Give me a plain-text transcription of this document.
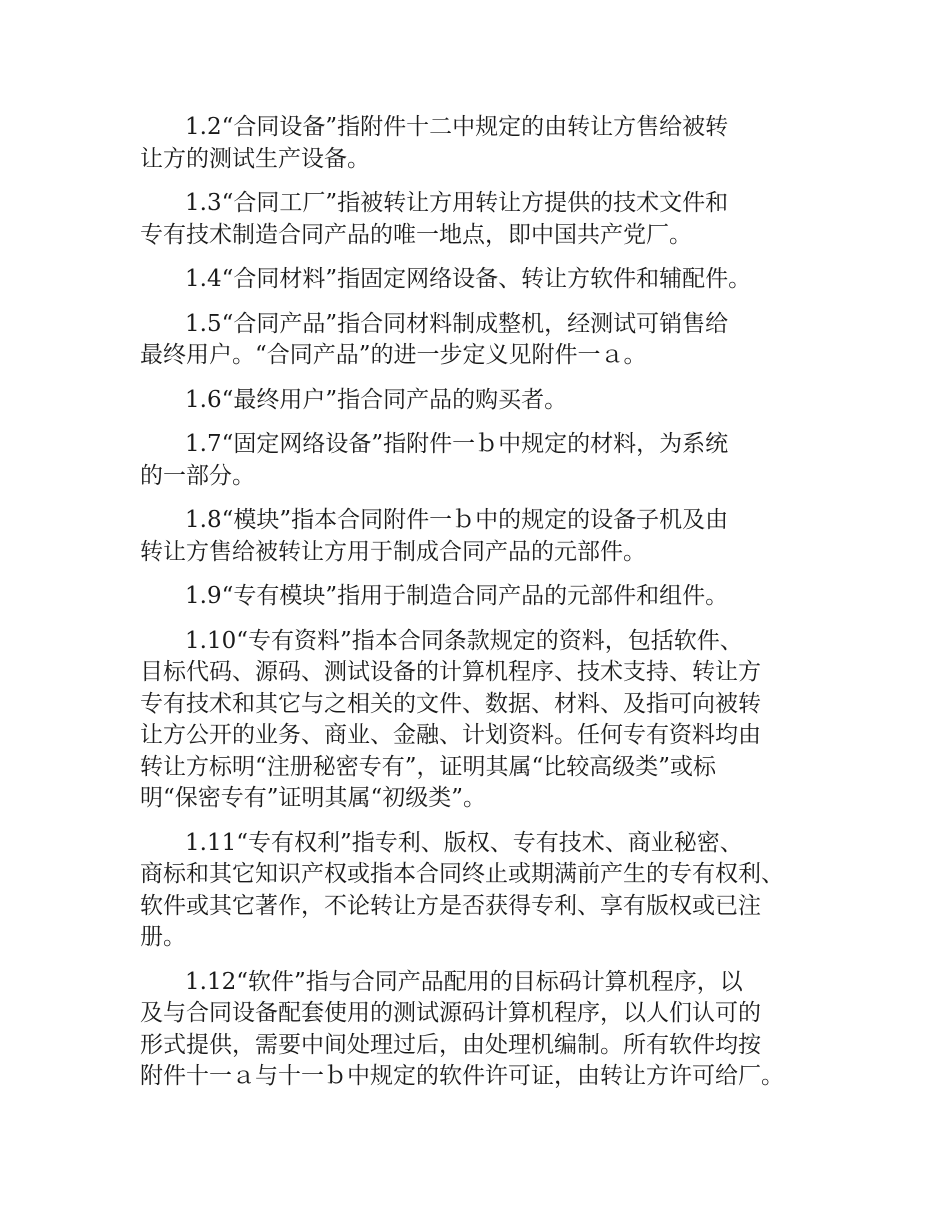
1.2“合同设备”指附件十二中规定的由转让方售给被转
让方的测试生产设备。

1.3“合同工厂”指被转让方用转让方提供的技术文件和
专有技术制造合同产品的唯一地点，即中国共产党厂。

1.4“合同材料”指固定网络设备、转让方软件和辅配件。

1.5“合同产品”指合同材料制成整机，经测试可销售给
最终用户。“合同产品”的进一步定义见附件一ａ。

1.6“最终用户”指合同产品的购买者。

1.7“固定网络设备”指附件一ｂ中规定的材料，为系统
的一部分。

1.8“模块”指本合同附件一ｂ中的规定的设备子机及由
转让方售给被转让方用于制成合同产品的元部件。

1.9“专有模块”指用于制造合同产品的元部件和组件。

1.10“专有资料”指本合同条款规定的资料，包括软件、
目标代码、源码、测试设备的计算机程序、技术支持、转让方
专有技术和其它与之相关的文件、数据、材料、及指可向被转
让方公开的业务、商业、金融、计划资料。任何专有资料均由
转让方标明“注册秘密专有”，证明其属“比较高级类”或标
明“保密专有”证明其属“初级类”。

1.11“专有权利”指专利、版权、专有技术、商业秘密、
商标和其它知识产权或指本合同终止或期满前产生的专有权利、
软件或其它著作，不论转让方是否获得专利、享有版权或已注
册。

1.12“软件”指与合同产品配用的目标码计算机程序，以
及与合同设备配套使用的测试源码计算机程序，以人们认可的
形式提供，需要中间处理过后，由处理机编制。所有软件均按
附件十一ａ与十一ｂ中规定的软件许可证，由转让方许可给厂。
